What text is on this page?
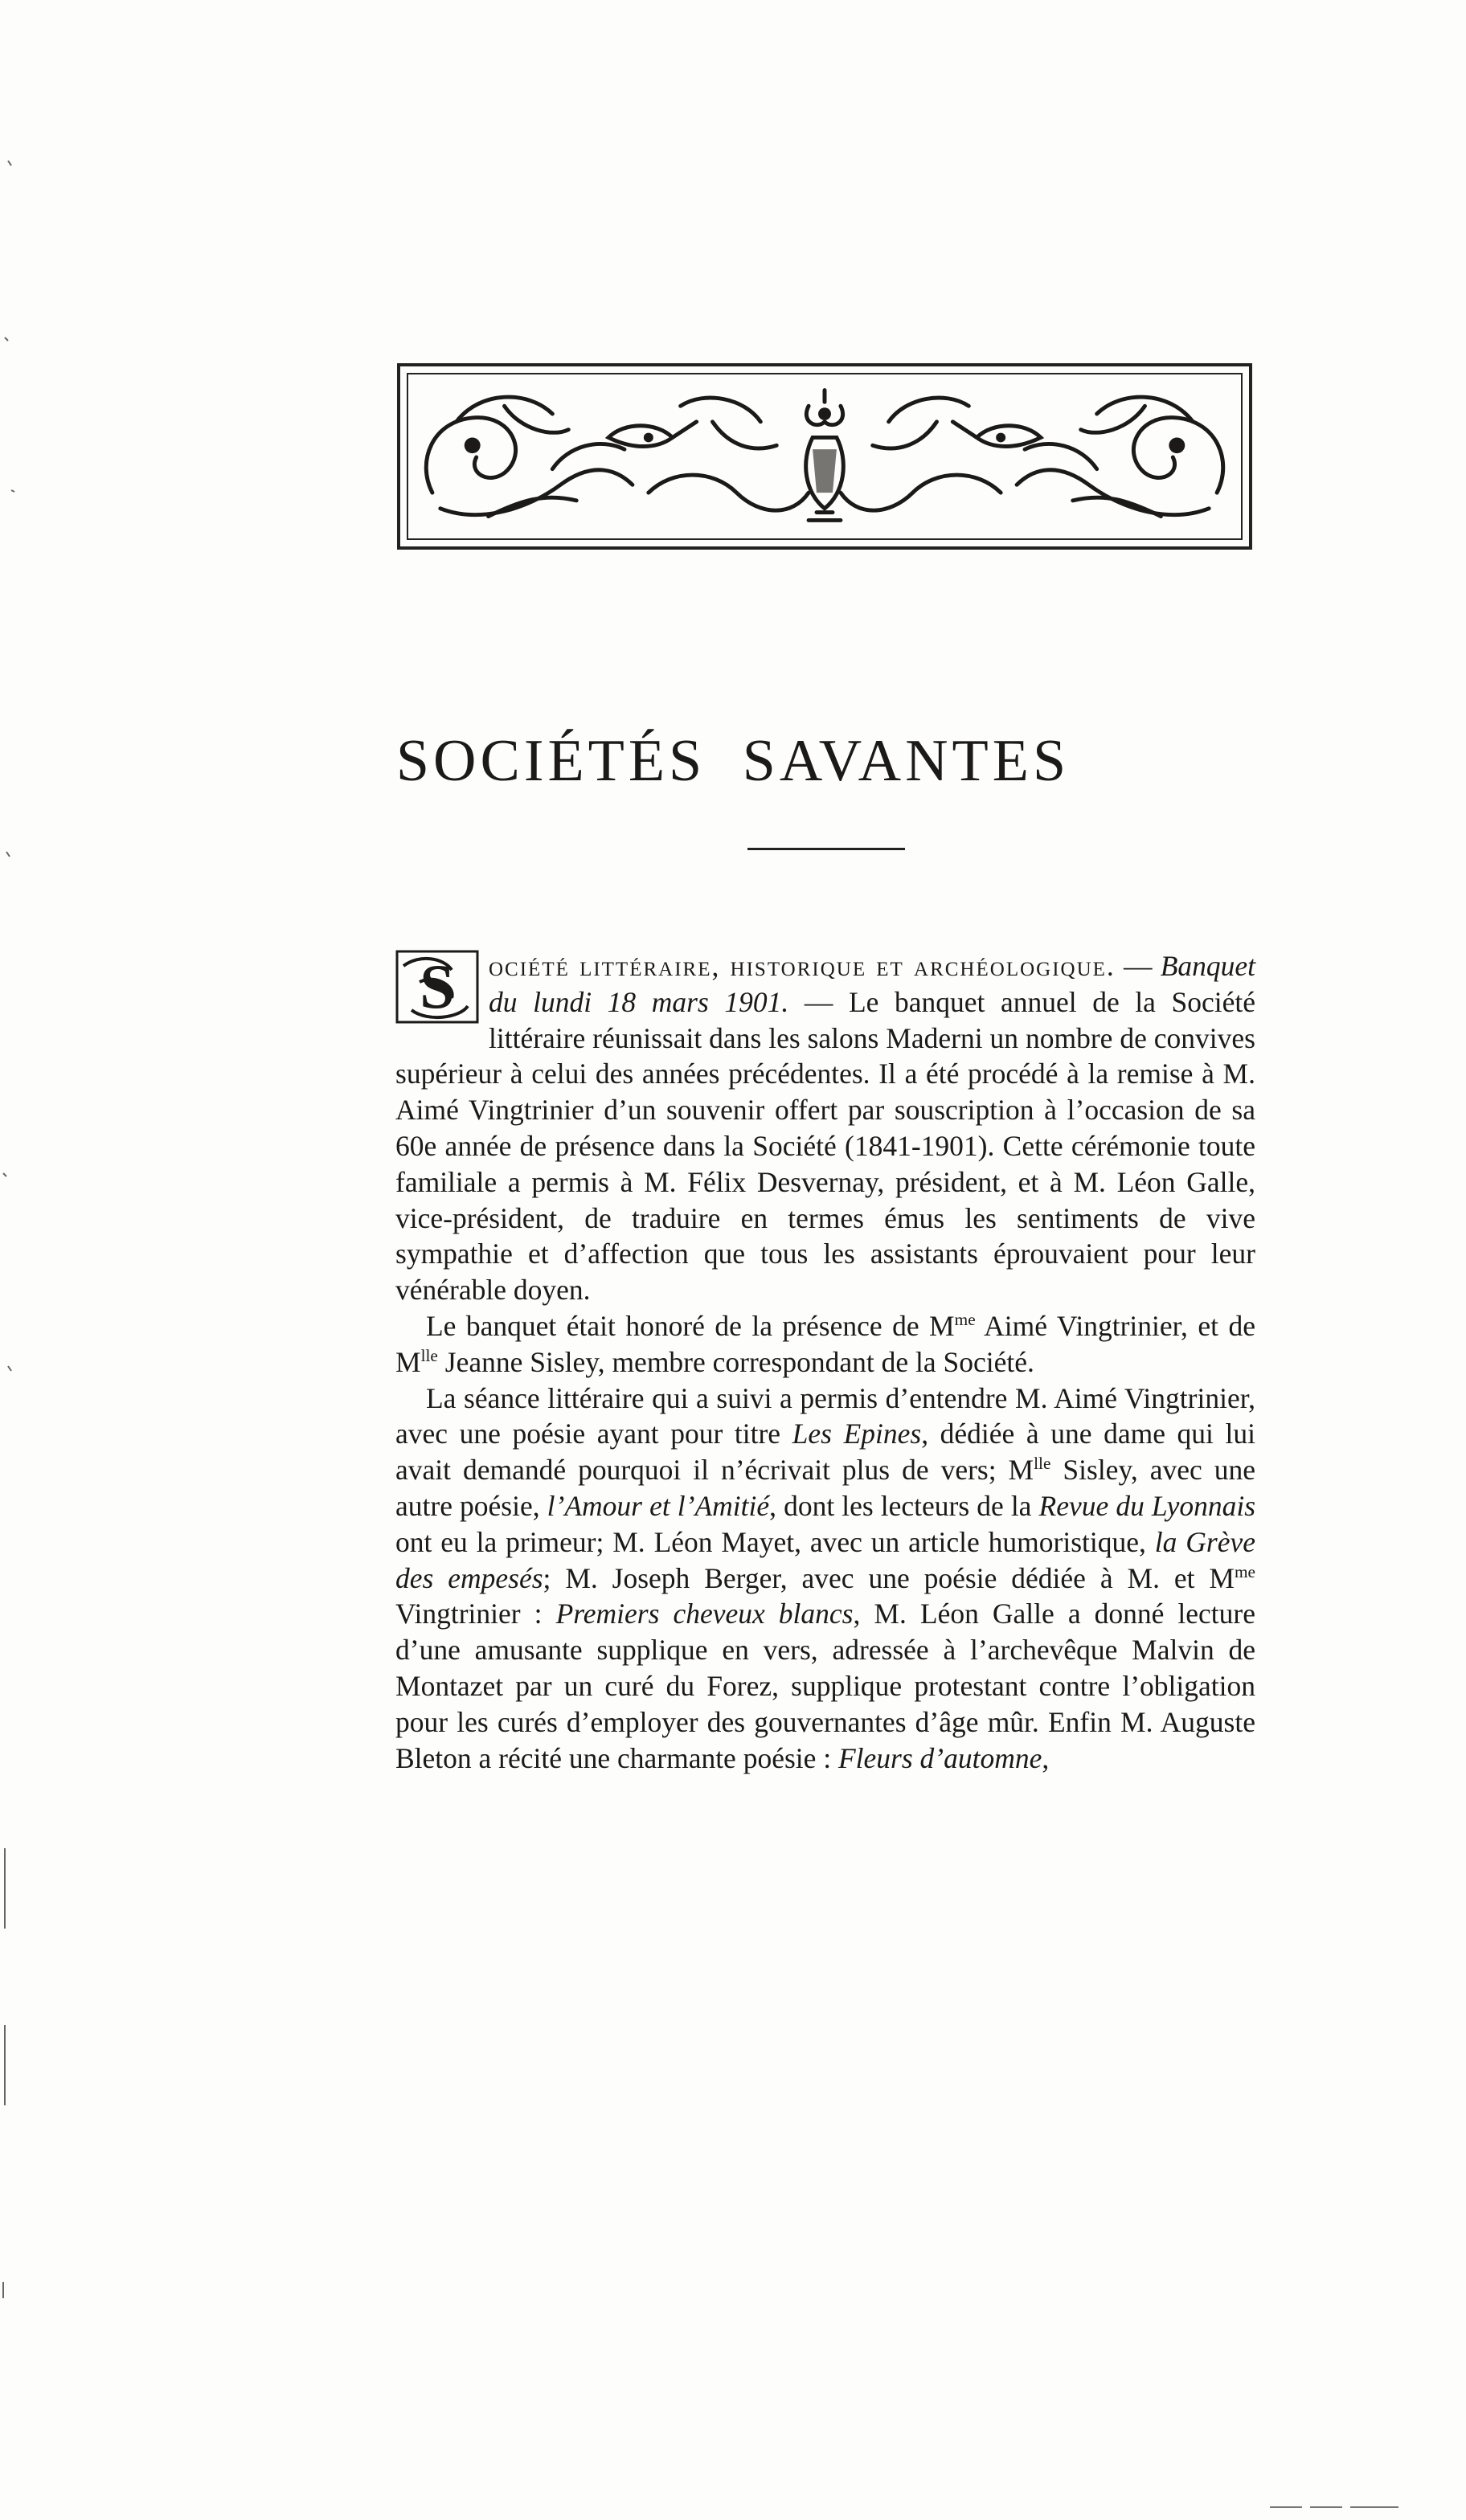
SOCIÉTÉS SAVANTES

S ociété littéraire, historique et archéologique. — Banquet du lundi 18 mars 1901. — Le banquet annuel de la Société littéraire réunissait dans les salons Maderni un nombre de convives supérieur à celui des années précédentes. Il a été procédé à la remise à M. Aimé Vingtrinier d’un souvenir offert par souscription à l’occasion de sa 60e année de présence dans la Société (1841-1901). Cette cérémonie toute familiale a permis à M. Félix Desvernay, président, et à M. Léon Galle, vice-président, de traduire en termes émus les sentiments de vive sympathie et d’affection que tous les assistants éprouvaient pour leur vénérable doyen.

Le banquet était honoré de la présence de $M^{me}$ Aimé Vingtrinier, et de $M^{lle}$ Jeanne Sisley, membre correspondant de la Société.

La séance littéraire qui a suivi a permis d’entendre M. Aimé Vingtrinier, avec une poésie ayant pour titre Les Epines, dédiée à une dame qui lui avait demandé pourquoi il n’écrivait plus de vers; $M^{lle}$ Sisley, avec une autre poésie, l’Amour et l’Amitié, dont les lecteurs de la Revue du Lyonnais ont eu la primeur; M. Léon Mayet, avec un article humoristique, la Grève des empesés; M. Joseph Berger, avec une poésie dédiée à M. et $M^{me}$ Vingtrinier : Premiers cheveux blancs, M. Léon Galle a donné lecture d’une amusante supplique en vers, adressée à l’archevêque Malvin de Montazet par un curé du Forez, supplique protestant contre l’obligation pour les curés d’employer des gouvernantes d’âge mûr. Enfin M. Auguste Bleton a récité une charmante poésie : Fleurs d’automne,
